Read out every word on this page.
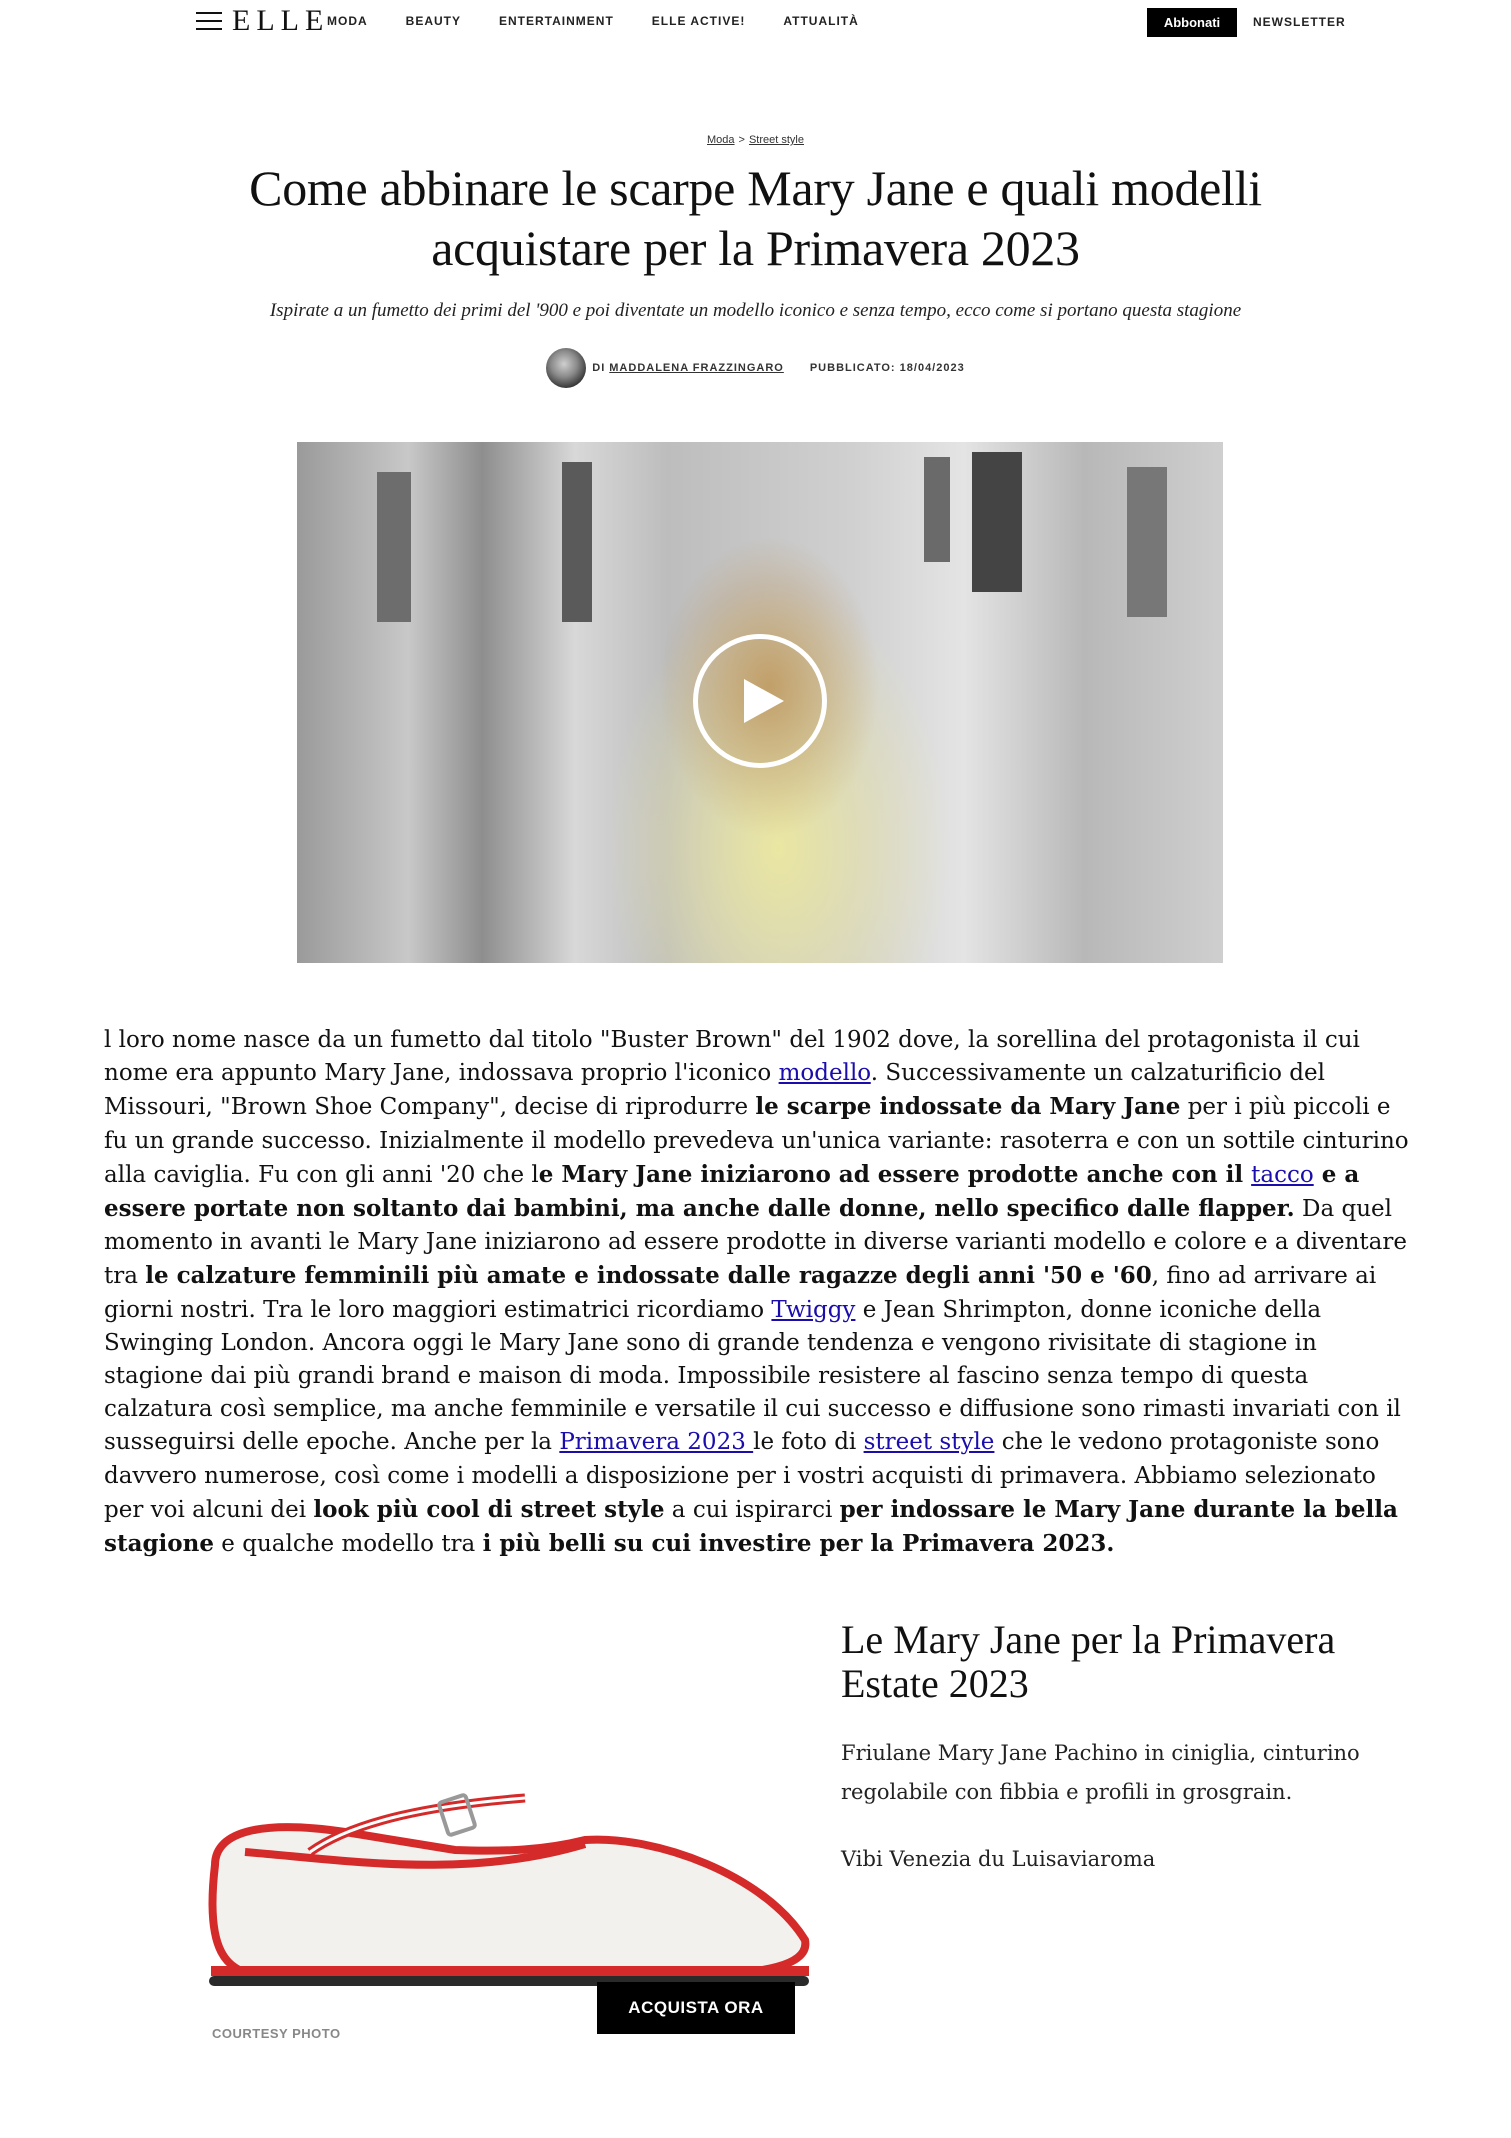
ELLE
MODA	BEAUTY	ENTERTAINMENT	ELLE ACTIVE!	ATTUALITÀ	Abbonati	NEWSLETTER
Moda > Street style
Come abbinare le scarpe Mary Jane e quali modelli acquistare per la Primavera 2023

Ispirate a un fumetto dei primi del '900 e poi diventate un modello iconico e senza tempo, ecco come si portano questa stagione

DI MADDALENA FRAZZINGARO PUBBLICATO: 18/04/2023
l loro nome nasce da un fumetto dal titolo "Buster Brown" del 1902 dove, la sorellina del protagonista il cui nome era appunto Mary Jane, indossava proprio l'iconico modello. Successivamente un calzaturificio del Missouri, "Brown Shoe Company", decise di riprodurre le scarpe indossate da Mary Jane per i più piccoli e fu un grande successo. Inizialmente il modello prevedeva un'unica variante: rasoterra e con un sottile cinturino alla caviglia. Fu con gli anni '20 che le Mary Jane iniziarono ad essere prodotte anche con il tacco e a essere portate non soltanto dai bambini, ma anche dalle donne, nello specifico dalle flapper. Da quel momento in avanti le Mary Jane iniziarono ad essere prodotte in diverse varianti modello e colore e a diventare tra le calzature femminili più amate e indossate dalle ragazze degli anni '50 e '60, fino ad arrivare ai giorni nostri. Tra le loro maggiori estimatrici ricordiamo Twiggy e Jean Shrimpton, donne iconiche della Swinging London. Ancora oggi le Mary Jane sono di grande tendenza e vengono rivisitate di stagione in stagione dai più grandi brand e maison di moda. Impossibile resistere al fascino senza tempo di questa calzatura così semplice, ma anche femminile e versatile il cui successo e diffusione sono rimasti invariati con il susseguirsi delle epoche. Anche per la Primavera 2023 le foto di street style che le vedono protagoniste sono davvero numerose, così come i modelli a disposizione per i vostri acquisti di primavera. Abbiamo selezionato per voi alcuni dei look più cool di street style a cui ispirarci per indossare le Mary Jane durante la bella stagione e qualche modello tra i più belli su cui investire per la Primavera 2023.
ACQUISTA ORA
COURTESY PHOTO
Le Mary Jane per la Primavera Estate 2023

Friulane Mary Jane Pachino in ciniglia, cinturino regolabile con fibbia e profili in grosgrain.

Vibi Venezia du Luisaviaroma
